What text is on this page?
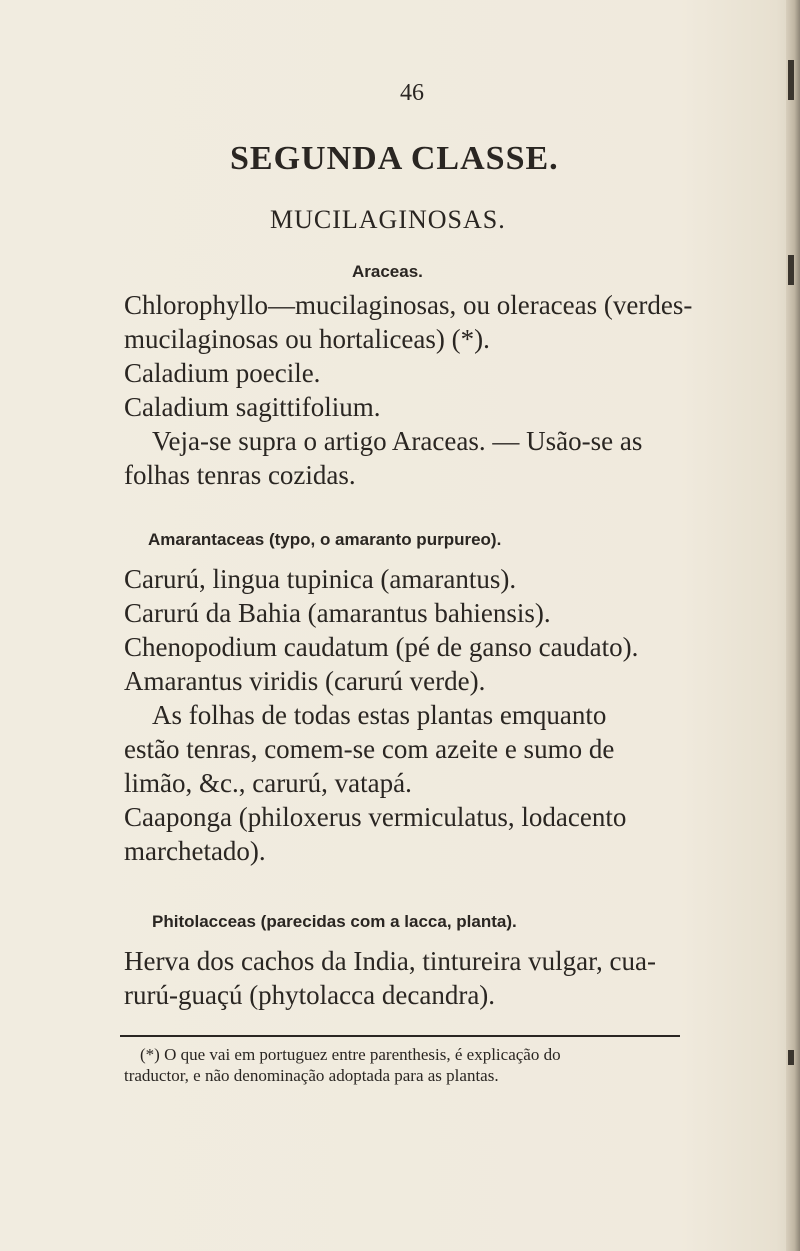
46
SEGUNDA CLASSE.
MUCILAGINOSAS.
Araceas.
Chlorophyllo—mucilaginosas, ou oleraceas (verdes-
mucilaginosas ou hortaliceas) (*).
Caladium poecile.
Caladium sagittifolium.
Veja-se supra o artigo Araceas. — Usão-se as
folhas tenras cozidas.
Amarantaceas (typo, o amaranto purpureo).
Carurú, lingua tupinica (amarantus).
Carurú da Bahia (amarantus bahiensis).
Chenopodium caudatum (pé de ganso caudato).
Amarantus viridis (carurú verde).
As folhas de todas estas plantas emquanto
estão tenras, comem-se com azeite e sumo de
limão, &c., carurú, vatapá.
Caaponga (philoxerus vermiculatus, lodacento
marchetado).
Phitolacceas (parecidas com a lacca, planta).
Herva dos cachos da India, tintureira vulgar, cua-
rurú-guaçú (phytolacca decandra).
(*) O que vai em portuguez entre parenthesis, é explicação do
traductor, e não denominação adoptada para as plantas.
